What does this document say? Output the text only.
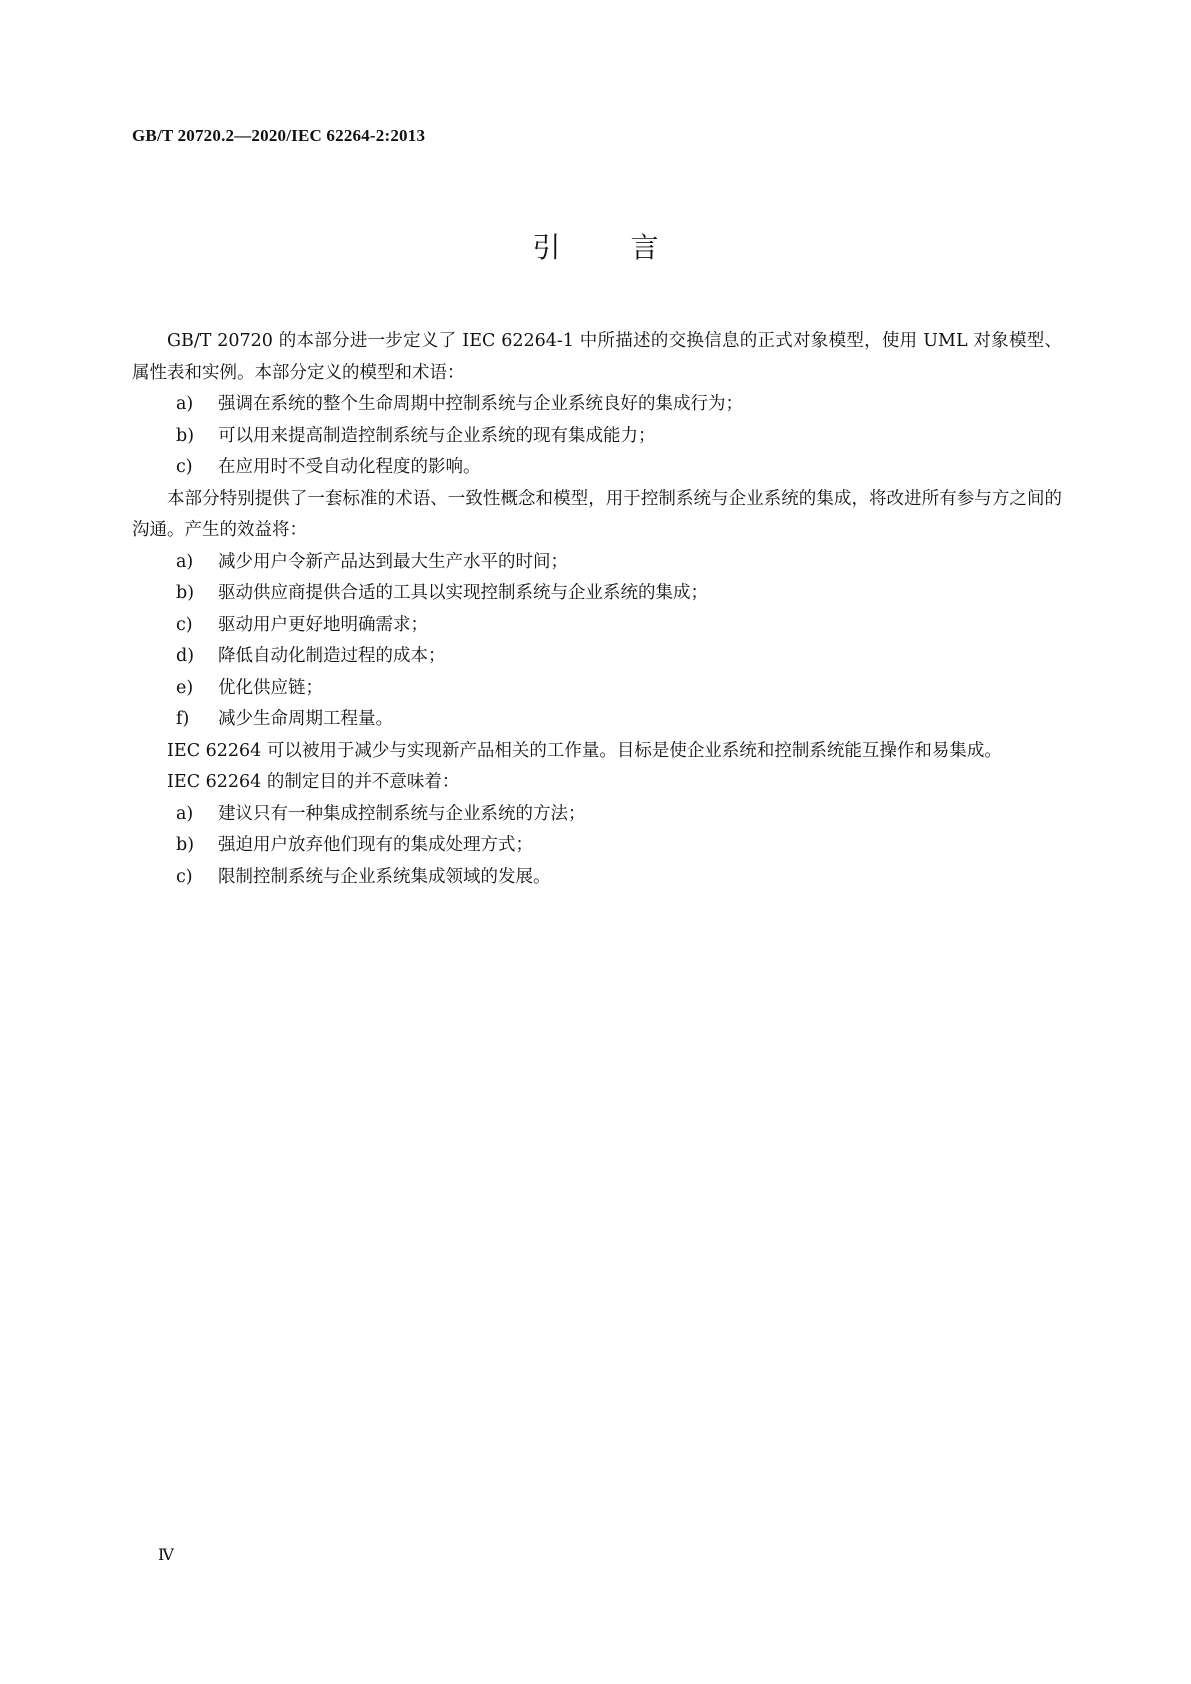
GB/T 20720.2—2020/IEC 62264-2:2013
引言

GB/T 20720 的本部分进一步定义了 IEC 62264-1 中所描述的交换信息的正式对象模型，使用 UML 对象模型、属性表和实例。本部分定义的模型和术语：

a)	强调在系统的整个生命周期中控制系统与企业系统良好的集成行为；
b)	可以用来提高制造控制系统与企业系统的现有集成能力；
c)	在应用时不受自动化程度的影响。

本部分特别提供了一套标准的术语、一致性概念和模型，用于控制系统与企业系统的集成，将改进所有参与方之间的沟通。产生的效益将：

a)	减少用户令新产品达到最大生产水平的时间；
b)	驱动供应商提供合适的工具以实现控制系统与企业系统的集成；
c)	驱动用户更好地明确需求；
d)	降低自动化制造过程的成本；
e)	优化供应链；
f)	减少生命周期工程量。

IEC 62264 可以被用于减少与实现新产品相关的工作量。目标是使企业系统和控制系统能互操作和易集成。

IEC 62264 的制定目的并不意味着：

a)	建议只有一种集成控制系统与企业系统的方法；
b)	强迫用户放弃他们现有的集成处理方式；
c)	限制控制系统与企业系统集成领域的发展。
Ⅳ
